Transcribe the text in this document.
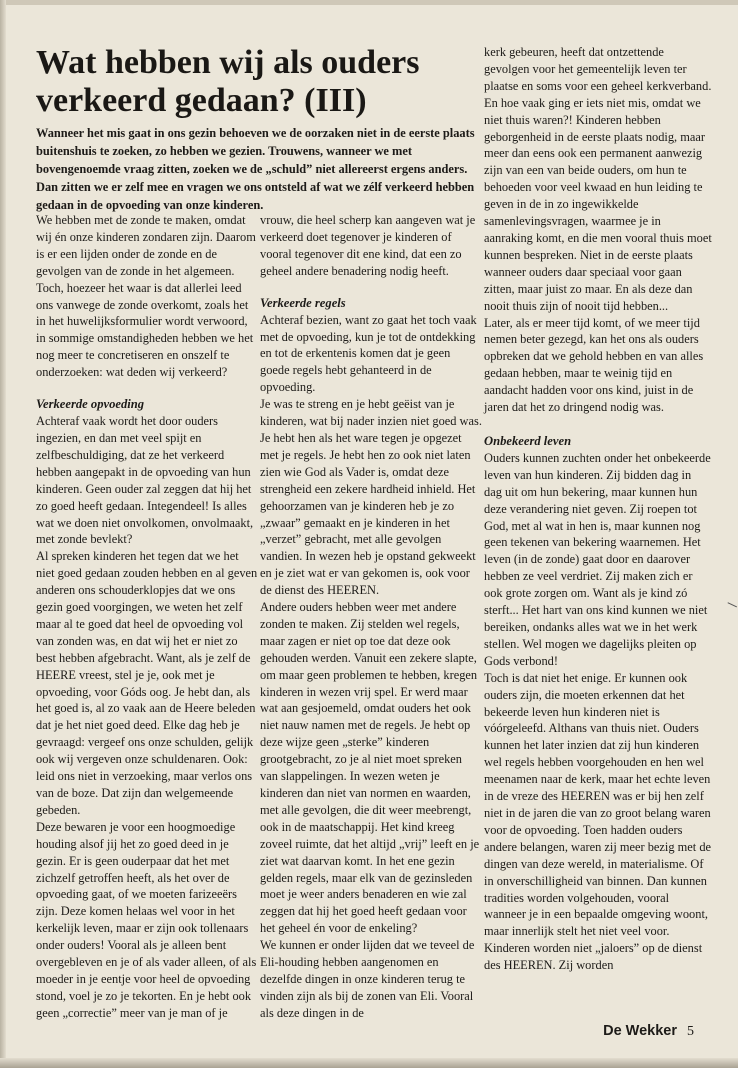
Wat hebben wij als ouders verkeerd gedaan? (III)

Wanneer het mis gaat in ons gezin behoeven we de oorzaken niet in de eerste plaats buitenshuis te zoeken, zo hebben we gezien. Trouwens, wanneer we met bovengenoemde vraag zitten, zoeken we de „schuld” niet allereerst ergens anders. Dan zitten we er zelf mee en vragen we ons ontsteld af wat we zélf verkeerd hebben gedaan in de opvoeding van onze kinderen.

We hebben met de zonde te maken, omdat wij én onze kinderen zondaren zijn. Daarom is er een lijden onder de zonde en de gevolgen van de zonde in het algemeen. Toch, hoezeer het waar is dat allerlei leed ons vanwege de zonde overkomt, zoals het in het huwelijksformulier wordt verwoord, in sommige omstandigheden hebben we het nog meer te concretiseren en onszelf te onderzoeken: wat deden wij verkeerd?

Verkeerde opvoeding

Achteraf vaak wordt het door ouders ingezien, en dan met veel spijt en zelfbeschuldiging, dat ze het verkeerd hebben aangepakt in de opvoeding van hun kinderen. Geen ouder zal zeggen dat hij het zo goed heeft gedaan. Integendeel! Is alles wat we doen niet onvolkomen, onvolmaakt, met zonde bevlekt?

Al spreken kinderen het tegen dat we het niet goed gedaan zouden hebben en al geven anderen ons schouderklopjes dat we ons gezin goed voorgingen, we weten het zelf maar al te goed dat heel de opvoeding vol van zonden was, en dat wij het er niet zo best hebben afgebracht. Want, als je zelf de HEERE vreest, stel je je, ook met je opvoeding, voor Góds oog. Je hebt dan, als het goed is, al zo vaak aan de Heere beleden dat je het niet goed deed. Elke dag heb je gevraagd: vergeef ons onze schulden, gelijk ook wij vergeven onze schuldenaren. Ook: leid ons niet in verzoeking, maar verlos ons van de boze. Dat zijn dan welgemeende gebeden.

Deze bewaren je voor een hoogmoedige houding alsof jij het zo goed deed in je gezin. Er is geen ouderpaar dat het met zichzelf getroffen heeft, als het over de opvoeding gaat, of we moeten farizeeërs zijn. Deze komen helaas wel voor in het kerkelijk leven, maar er zijn ook tollenaars onder ouders! Vooral als je alleen bent overgebleven en je of als vader alleen, of als moeder in je eentje voor heel de opvoeding stond, voel je zo je tekorten. En je hebt ook geen „correctie” meer van je man of je

vrouw, die heel scherp kan aangeven wat je verkeerd doet tegenover je kinderen of vooral tegenover dit ene kind, dat een zo geheel andere benadering nodig heeft.

Verkeerde regels

Achteraf bezien, want zo gaat het toch vaak met de opvoeding, kun je tot de ontdekking en tot de erkentenis komen dat je geen goede regels hebt gehanteerd in de opvoeding.

Je was te streng en je hebt geëist van je kinderen, wat bij nader inzien niet goed was. Je hebt hen als het ware tegen je opgezet met je regels. Je hebt hen zo ook niet laten zien wie God als Vader is, omdat deze strengheid een zekere hardheid inhield. Het gehoorzamen van je kinderen heb je zo „zwaar” gemaakt en je kinderen in het „verzet” gebracht, met alle gevolgen vandien. In wezen heb je opstand gekweekt en je ziet wat er van gekomen is, ook voor de dienst des HEEREN.

Andere ouders hebben weer met andere zonden te maken. Zij stelden wel regels, maar zagen er niet op toe dat deze ook gehouden werden. Vanuit een zekere slapte, om maar geen problemen te hebben, kregen kinderen in wezen vrij spel. Er werd maar wat aan gesjoemeld, omdat ouders het ook niet nauw namen met de regels. Je hebt op deze wijze geen „sterke” kinderen grootgebracht, zo je al niet moet spreken van slappelingen. In wezen weten je kinderen dan niet van normen en waarden, met alle gevolgen, die dit weer meebrengt, ook in de maatschappij. Het kind kreeg zoveel ruimte, dat het altijd „vrij” leeft en je ziet wat daarvan komt. In het ene gezin gelden regels, maar elk van de gezinsleden moet je weer anders benaderen en wie zal zeggen dat hij het goed heeft gedaan voor het geheel én voor de enkeling?

We kunnen er onder lijden dat we teveel de Eli-houding hebben aangenomen en dezelfde dingen in onze kinderen terug te vinden zijn als bij de zonen van Eli. Vooral als deze dingen in de

kerk gebeuren, heeft dat ontzettende gevolgen voor het gemeentelijk leven ter plaatse en soms voor een geheel kerkverband.

En hoe vaak ging er iets niet mis, omdat we niet thuis waren?! Kinderen hebben geborgenheid in de eerste plaats nodig, maar meer dan eens ook een permanent aanwezig zijn van een van beide ouders, om hun te behoeden voor veel kwaad en hun leiding te geven in de in zo ingewikkelde samenlevingsvragen, waarmee je in aanraking komt, en die men vooral thuis moet kunnen bespreken. Niet in de eerste plaats wanneer ouders daar speciaal voor gaan zitten, maar juist zo maar. En als deze dan nooit thuis zijn of nooit tijd hebben...

Later, als er meer tijd komt, of we meer tijd nemen beter gezegd, kan het ons als ouders opbreken dat we gehold hebben en van alles gedaan hebben, maar te weinig tijd en aandacht hadden voor ons kind, juist in de jaren dat het zo dringend nodig was.

Onbekeerd leven

Ouders kunnen zuchten onder het onbekeerde leven van hun kinderen. Zij bidden dag in dag uit om hun bekering, maar kunnen hun deze verandering niet geven. Zij roepen tot God, met al wat in hen is, maar kunnen nog geen tekenen van bekering waarnemen. Het leven (in de zonde) gaat door en daarover hebben ze veel verdriet. Zij maken zich er ook grote zorgen om. Want als je kind zó sterft... Het hart van ons kind kunnen we niet bereiken, ondanks alles wat we in het werk stellen. Wel mogen we dagelijks pleiten op Gods verbond!

Toch is dat niet het enige. Er kunnen ook ouders zijn, die moeten erkennen dat het bekeerde leven hun kinderen niet is vóórgeleefd. Althans van thuis niet. Ouders kunnen het later inzien dat zij hun kinderen wel regels hebben voorgehouden en hen wel meenamen naar de kerk, maar het echte leven in de vreze des HEEREN was er bij hen zelf niet in de jaren die van zo groot belang waren voor de opvoeding. Toen hadden ouders andere belangen, waren zij meer bezig met de dingen van deze wereld, in materialisme. Of in onverschilligheid van binnen. Dan kunnen tradities worden volgehouden, vooral wanneer je in een bepaalde omgeving woont, maar innerlijk stelt het niet veel voor. Kinderen worden niet „jaloers” op de dienst des HEEREN. Zij worden

De Wekker 5
